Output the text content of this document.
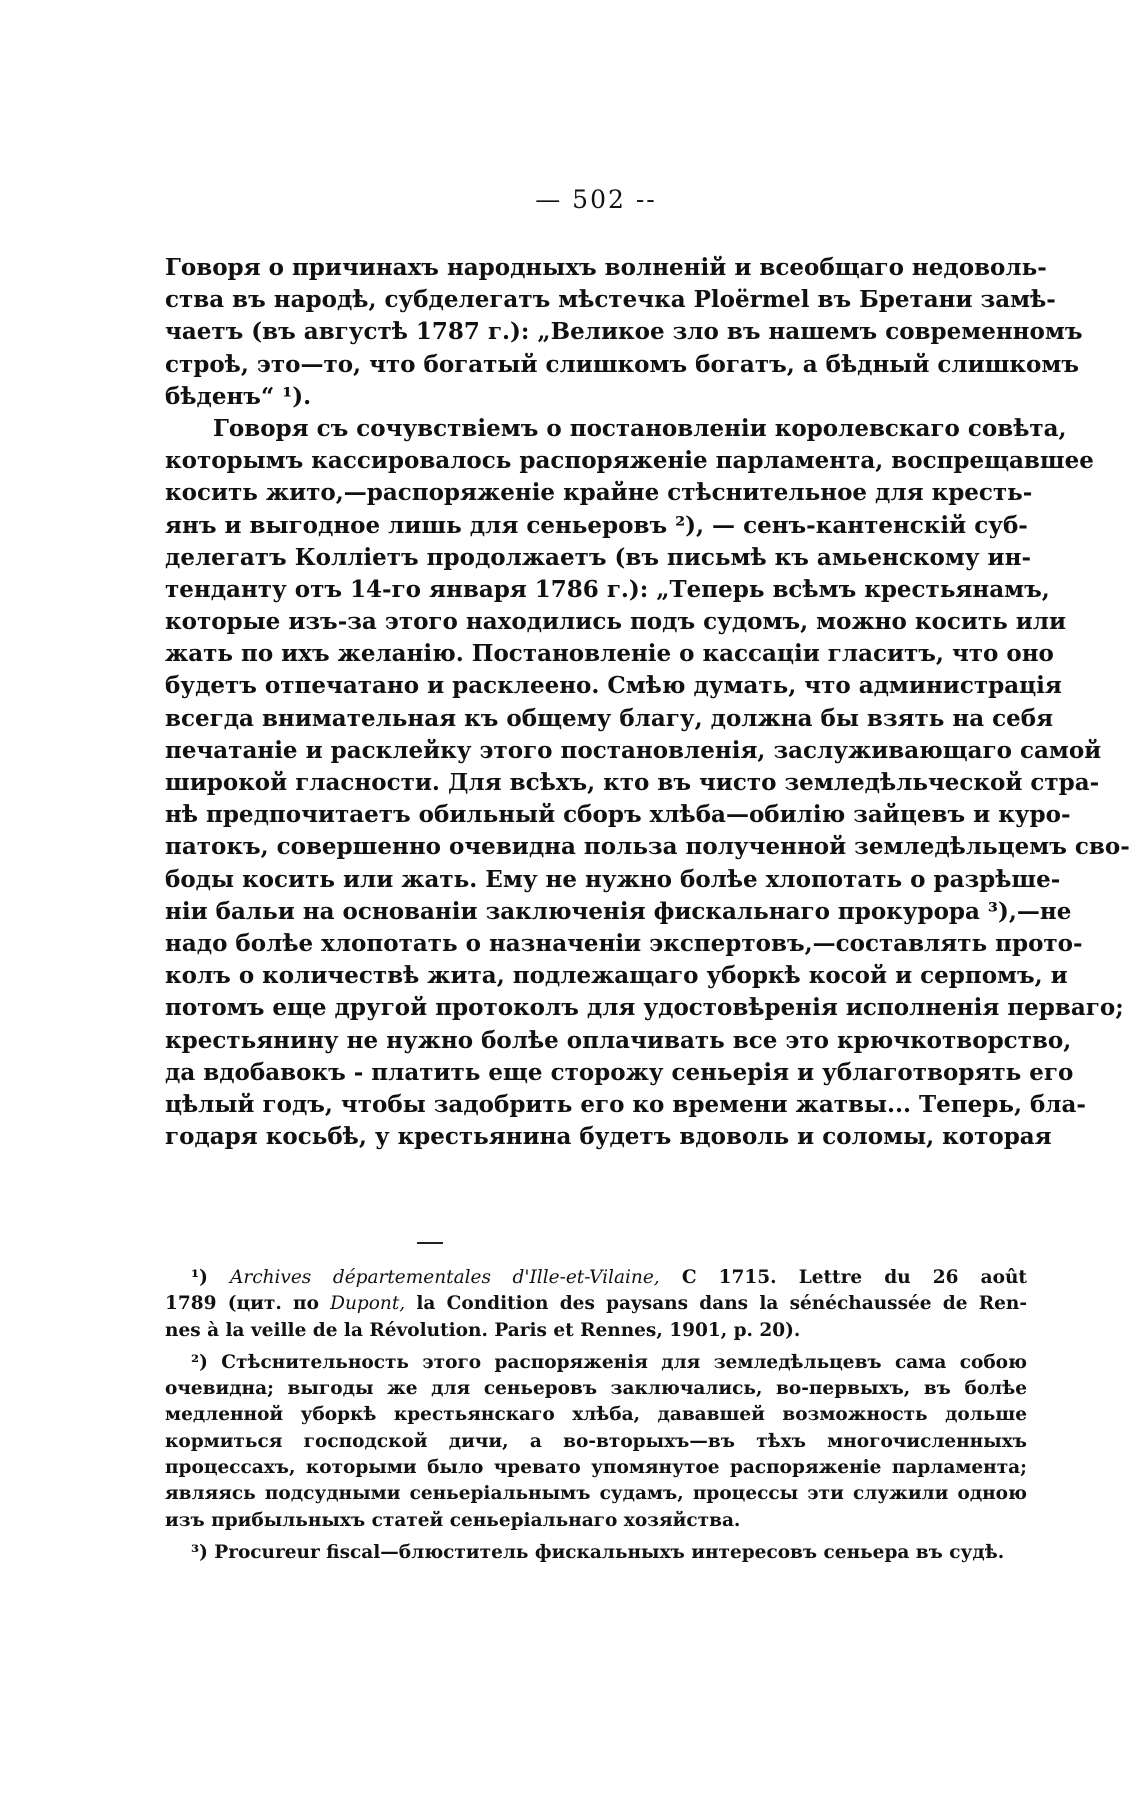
— 502 --
Говоря о причинахъ народныхъ волненій и всеобщаго недоволь-
ства въ народѣ, субделегатъ мѣстечка Ploërmel въ Бретани замѣ-
чаетъ (въ августѣ 1787 г.): „Великое зло въ нашемъ современномъ
строѣ, это—то, что богатый слишкомъ богатъ, а бѣдный слишкомъ
бѣденъ“ ¹).
Говоря съ сочувствіемъ о постановленіи королевскаго совѣта,
которымъ кассировалось распоряженіе парламента, воспрещавшее
косить жито,—распоряженіе крайне стѣснительное для кресть-
янъ и выгодное лишь для сеньеровъ ²), — сенъ-кантенскій суб-
делегатъ Колліетъ продолжаетъ (въ письмѣ къ амьенскому ин-
тенданту отъ 14-го января 1786 г.): „Теперь всѣмъ крестьянамъ,
которые изъ-за этого находились подъ судомъ, можно косить или
жать по ихъ желанію. Постановленіе о кассаціи гласитъ, что оно
будетъ отпечатано и расклеено. Смѣю думать, что администрація
всегда внимательная къ общему благу, должна бы взять на себя
печатаніе и расклейку этого постановленія, заслуживающаго самой
широкой гласности. Для всѣхъ, кто въ чисто земледѣльческой стра-
нѣ предпочитаетъ обильный сборъ хлѣба—обилію зайцевъ и куро-
патокъ, совершенно очевидна польза полученной земледѣльцемъ сво-
боды косить или жать. Ему не нужно болѣе хлопотать о разрѣше-
ніи бальи на основаніи заключенія фискальнаго прокурора ³),—не
надо болѣе хлопотать о назначеніи экспертовъ,—составлять прото-
колъ о количествѣ жита, подлежащаго уборкѣ косой и серпомъ, и
потомъ еще другой протоколъ для удостовѣренія исполненія перваго;
крестьянину не нужно болѣе оплачивать все это крючкотворство,
да вдобавокъ - платить еще сторожу сеньерія и ублаготворять его
цѣлый годъ, чтобы задобрить его ко времени жатвы... Теперь, бла-
годаря косьбѣ, у крестьянина будетъ вдоволь и соломы, которая
¹) Archives départementales d'Ille-et-Vilaine, C 1715. Lettre du 26 août
1789 (цит. по Dupont, la Condition des paysans dans la sénéchaussée de Ren-
nes à la veille de la Révolution. Paris et Rennes, 1901, p. 20).
²) Стѣснительность этого распоряженія для земледѣльцевъ сама собою
очевидна; выгоды же для сеньеровъ заключались, во-первыхъ, въ болѣе
медленной уборкѣ крестьянскаго хлѣба, дававшей возможность дольше
кормиться господской дичи, а во-вторыхъ—въ тѣхъ многочисленныхъ
процессахъ, которыми было чревато упомянутое распоряженіе парламента;
являясь подсудными сеньеріальнымъ судамъ, процессы эти служили одною
изъ прибыльныхъ статей сеньеріальнаго хозяйства.
³) Procureur fiscal—блюститель фискальныхъ интересовъ сеньера въ судѣ.
